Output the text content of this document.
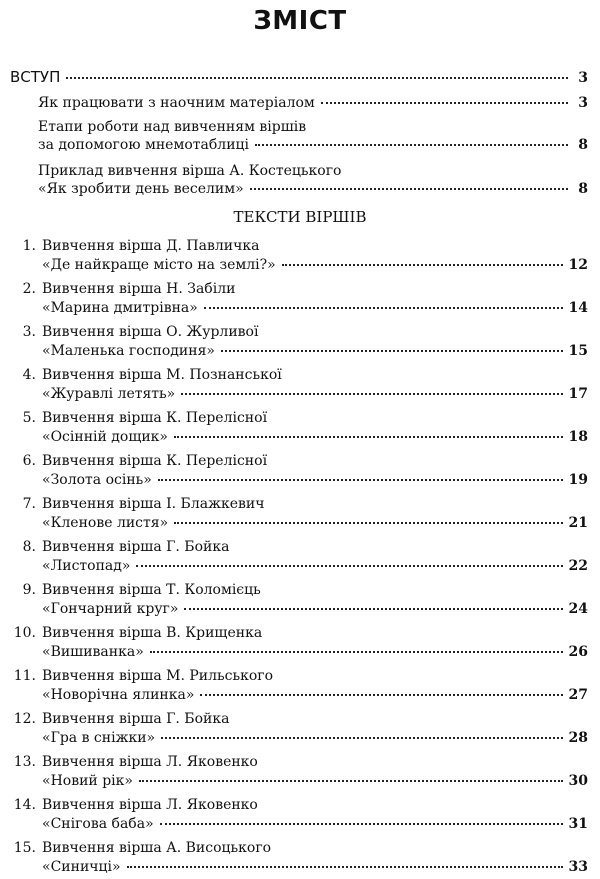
ЗМІСТ
ВСТУП	3
Як працювати з наочним матеріалом	3
Етапи роботи над вивченням віршів
за допомогою мнемотаблиці	8
Приклад вивчення вірша А. Костецького
«Як зробити день веселим»	8
ТЕКСТИ ВІРШІВ
1. Вивчення вірша Д. Павличка
«Де найкраще місто на землі?»	12
2. Вивчення вірша Н. Забіли
«Марина дмитрівна»	14
3. Вивчення вірша О. Журливої
«Маленька господиня»	15
4. Вивчення вірша М. Познанської
«Журавлі летять»	17
5. Вивчення вірша К. Перелісної
«Осінній дощик»	18
6. Вивчення вірша К. Перелісної
«Золота осінь»	19
7. Вивчення вірша І. Блажкевич
«Кленове листя»	21
8. Вивчення вірша Г. Бойка
«Листопад»	22
9. Вивчення вірша Т. Коломієць
«Гончарний круг»	24
10. Вивчення вірша В. Крищенка
«Вишиванка»	26
11. Вивчення вірша М. Рильського
«Новорічна ялинка»	27
12. Вивчення вірша Г. Бойка
«Гра в сніжки»	28
13. Вивчення вірша Л. Яковенко
«Новий рік»	30
14. Вивчення вірша Л. Яковенко
«Снігова баба»	31
15. Вивчення вірша А. Висоцького
«Синичці»	33
